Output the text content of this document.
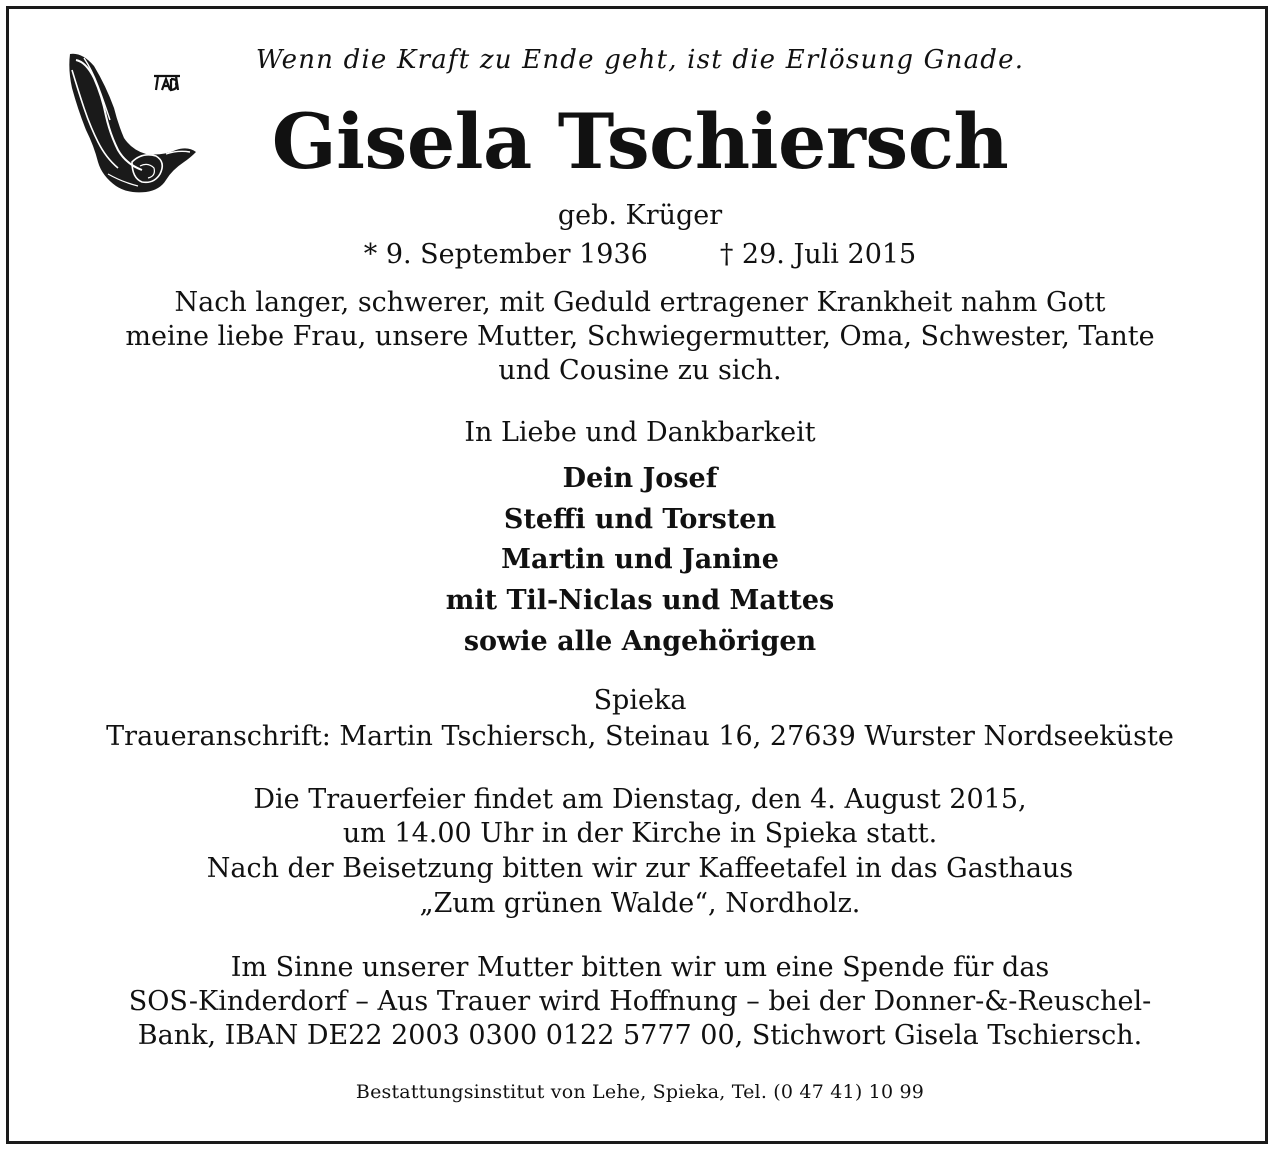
Wenn die Kraft zu Ende geht, ist die Erlösung Gnade.
Gisela Tschiersch
geb. Krüger
* 9. September 1936	† 29. Juli 2015
Nach langer, schwerer, mit Geduld ertragener Krankheit nahm Gott
meine liebe Frau, unsere Mutter, Schwiegermutter, Oma, Schwester, Tante
und Cousine zu sich.
In Liebe und Dankbarkeit
Dein Josef
Steffi und Torsten
Martin und Janine
mit Til-Niclas und Mattes
sowie alle Angehörigen
Spieka
Traueranschrift: Martin Tschiersch, Steinau 16, 27639 Wurster Nordseeküste
Die Trauerfeier findet am Dienstag, den 4. August 2015,
um 14.00 Uhr in der Kirche in Spieka statt.
Nach der Beisetzung bitten wir zur Kaffeetafel in das Gasthaus
„Zum grünen Walde“, Nordholz.
Im Sinne unserer Mutter bitten wir um eine Spende für das
SOS-Kinderdorf – Aus Trauer wird Hoffnung – bei der Donner-&-Reuschel-
Bank, IBAN DE22 2003 0300 0122 5777 00, Stichwort Gisela Tschiersch.
Bestattungsinstitut von Lehe, Spieka, Tel. (0 47 41) 10 99
